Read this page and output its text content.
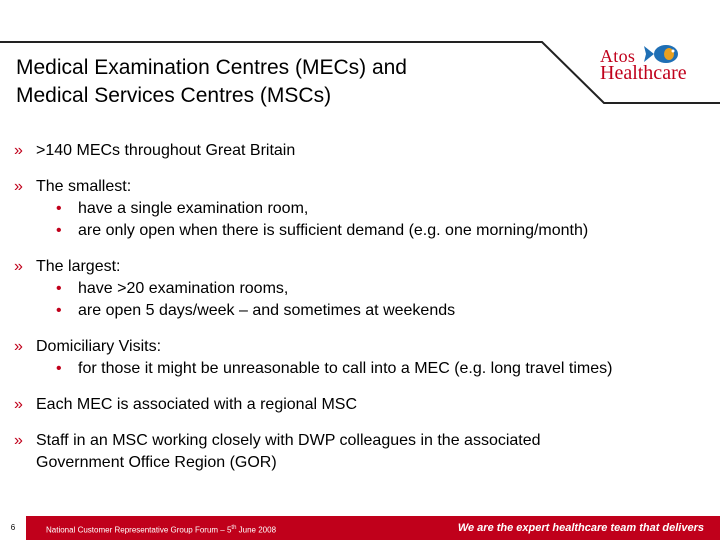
Medical Examination Centres (MECs) and
Medical Services Centres (MSCs)
Atos
Healthcare
» >140 MECs throughout Great Britain
» The smallest:
•	have a single examination room,
•	are only open when there is sufficient demand (e.g. one morning/month)
» The largest:
•	have >20 examination rooms,
•	are open 5 days/week – and sometimes at weekends
» Domiciliary Visits:
•	for those it might be unreasonable to call into a MEC (e.g. long travel times)
» Each MEC is associated with a regional MSC
» Staff in an MSC working closely with DWP colleagues in the associated
Government Office Region (GOR)
6	National Customer Representative Group Forum – 5th June 2008	We are the expert healthcare team that delivers
